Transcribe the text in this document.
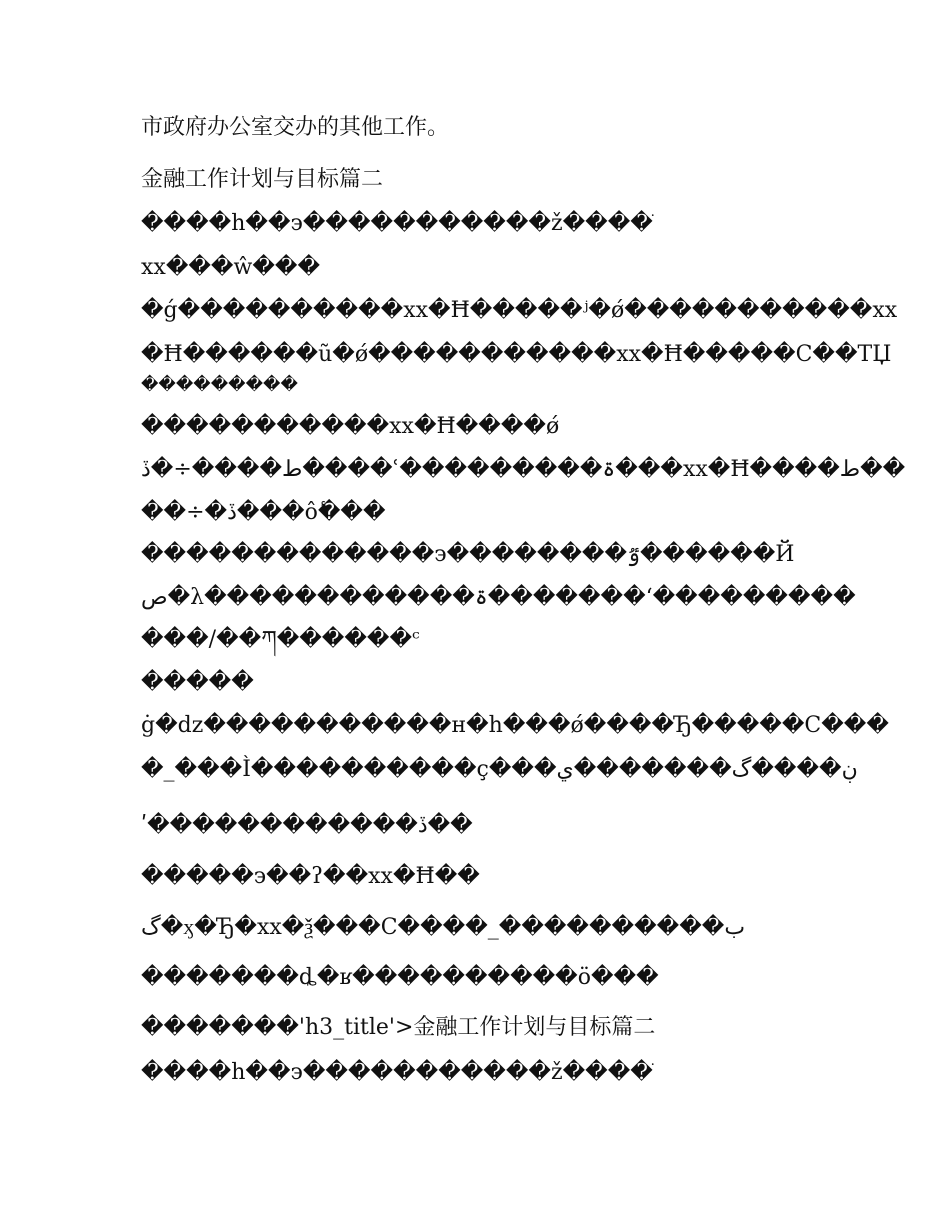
市政府办公室交办的其他工作。
金融工作计划与目标篇二
����h��϶�����������ž����ֹ
xx���ŵ���
�ǵ����������xx�Ħ�����ʲ�ǿ�����������xx
�Ħ������ũ�ǿ�����������xx�Ħ�����С��ТЏ
���������
�����������xx�Ħ����ǿ
ط����÷�ڏ����ʿ���������ۃ���xx�Ħ����ط��
��÷�ڏ���ô�ٔ��
�������������϶��������ٷ������Й
ص�λ������������ۃ�������ʻ���������
���/��ཀ������ᶜ
�����
ġ�ǳ�����������н�h���ǿ����Ђ�����С���
�_���Ì����������ç���ڹ����گ�������ي
ʹ������������ڏ��
�����϶��ʔ��xx�Ħ��
گ�ӽ�Ђ�xx�ѯ���С����_����������ب
�������ȡ�ʁ����������ö���
�������'h3_title'>金融工作计划与目标篇二
����h��϶�����������ž����ֹ
